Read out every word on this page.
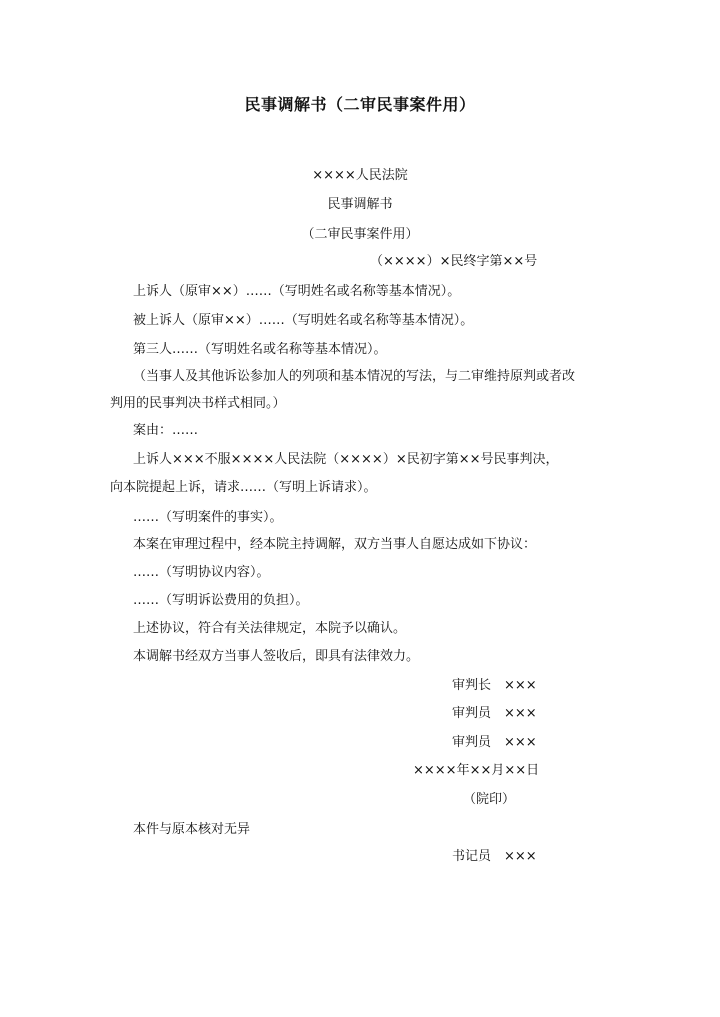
民事调解书（二审民事案件用）
××××人民法院
民事调解书
（二审民事案件用）
（××××）×民终字第××号
上诉人（原审××）……（写明姓名或名称等基本情况）。
被上诉人（原审××）……（写明姓名或名称等基本情况）。
第三人……（写明姓名或名称等基本情况）。
（当事人及其他诉讼参加人的列项和基本情况的写法，与二审维持原判或者改
判用的民事判决书样式相同。）
案由：……
上诉人×××不服××××人民法院（××××）×民初字第××号民事判决，
向本院提起上诉，请求……（写明上诉请求）。
……（写明案件的事实）。
本案在审理过程中，经本院主持调解，双方当事人自愿达成如下协议：
……（写明协议内容）。
……（写明诉讼费用的负担）。
上述协议，符合有关法律规定，本院予以确认。
本调解书经双方当事人签收后，即具有法律效力。
审判长 ×××
审判员 ×××
审判员 ×××
××××年××月××日
（院印）
本件与原本核对无异
书记员 ×××
